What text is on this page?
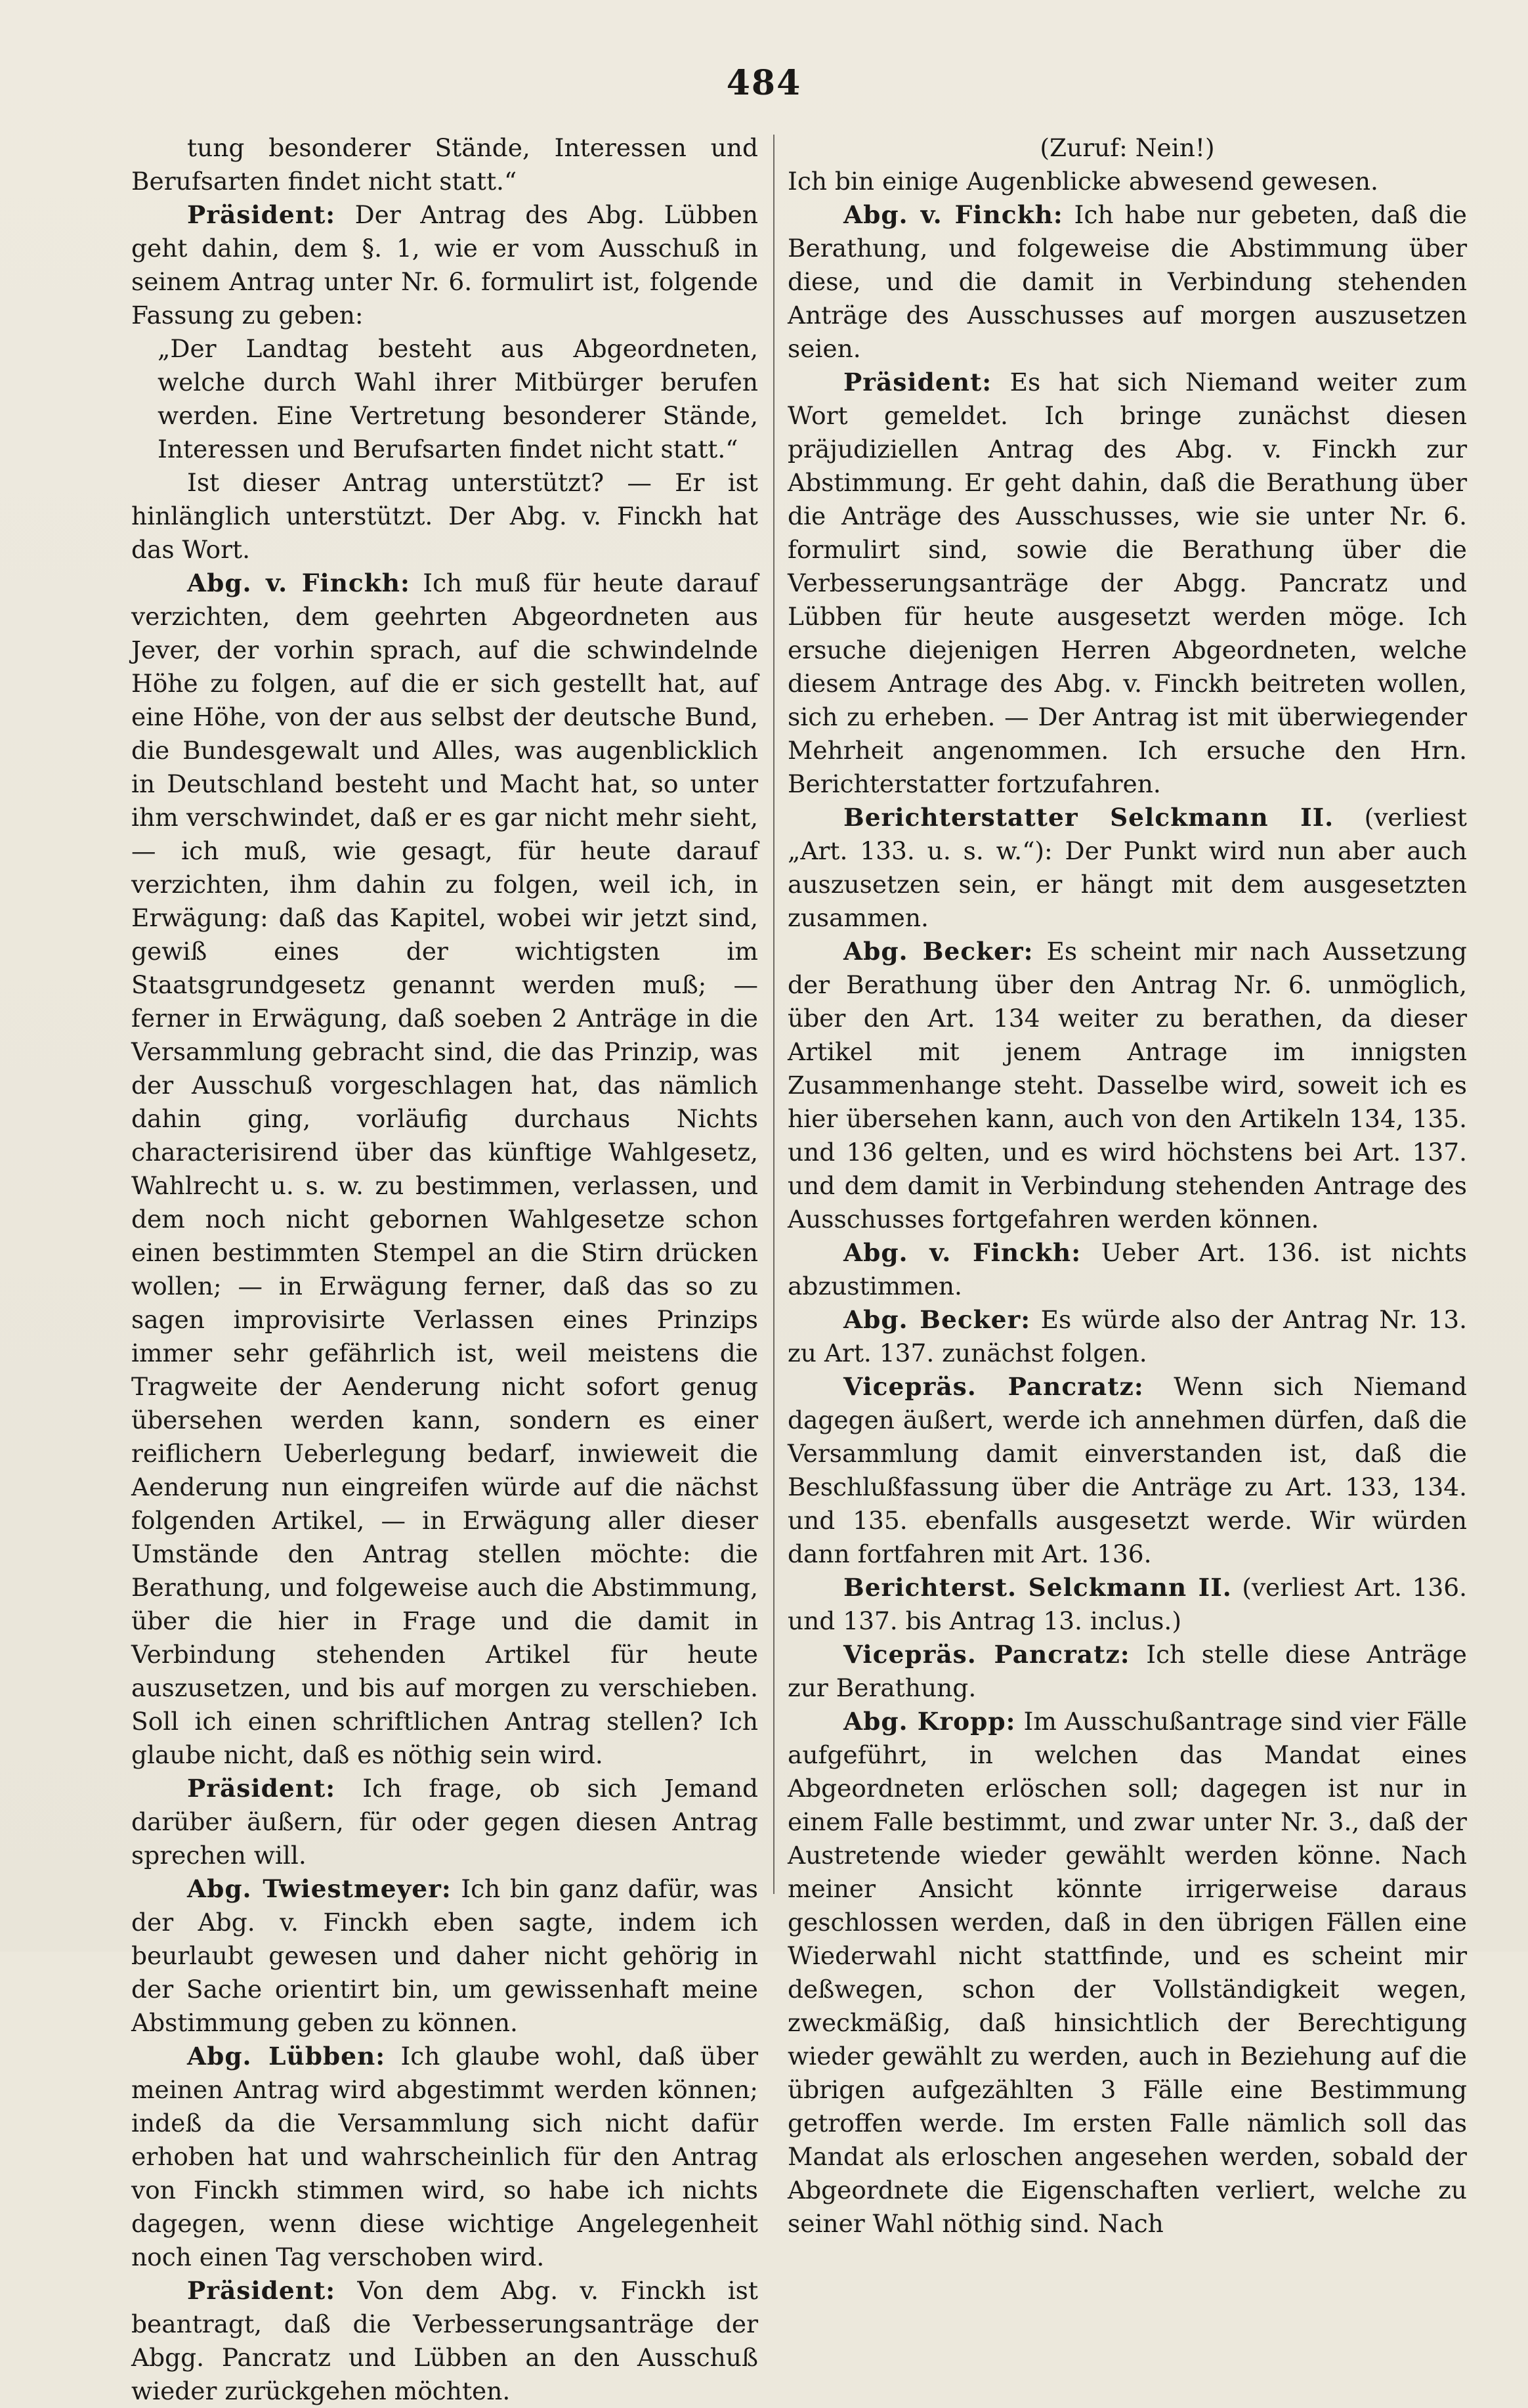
484

tung besonderer Stände, Interessen und Berufsarten findet nicht statt.“

Präsident: Der Antrag des Abg. Lübben geht dahin, dem §. 1, wie er vom Ausschuß in seinem Antrag unter Nr. 6. formulirt ist, folgende Fassung zu geben:

„Der Landtag besteht aus Abgeordneten, welche durch Wahl ihrer Mitbürger berufen werden. Eine Vertretung besonderer Stände, Interessen und Berufsarten findet nicht statt.“

Ist dieser Antrag unterstützt? — Er ist hinlänglich unterstützt. Der Abg. v. Finckh hat das Wort.

Abg. v. Finckh: Ich muß für heute darauf verzichten, dem geehrten Abgeordneten aus Jever, der vorhin sprach, auf die schwindelnde Höhe zu folgen, auf die er sich gestellt hat, auf eine Höhe, von der aus selbst der deutsche Bund, die Bundesgewalt und Alles, was augenblicklich in Deutschland besteht und Macht hat, so unter ihm verschwindet, daß er es gar nicht mehr sieht, — ich muß, wie gesagt, für heute darauf verzichten, ihm dahin zu folgen, weil ich, in Erwägung: daß das Kapitel, wobei wir jetzt sind, gewiß eines der wichtigsten im Staatsgrundgesetz genannt werden muß; — ferner in Erwägung, daß soeben 2 Anträge in die Versammlung gebracht sind, die das Prinzip, was der Ausschuß vorgeschlagen hat, das nämlich dahin ging, vorläufig durchaus Nichts characterisirend über das künftige Wahlgesetz, Wahlrecht u. s. w. zu bestimmen, verlassen, und dem noch nicht gebornen Wahlgesetze schon einen bestimmten Stempel an die Stirn drücken wollen; — in Erwägung ferner, daß das so zu sagen improvisirte Verlassen eines Prinzips immer sehr gefährlich ist, weil meistens die Tragweite der Aenderung nicht sofort genug übersehen werden kann, sondern es einer reiflichern Ueberlegung bedarf, inwieweit die Aenderung nun eingreifen würde auf die nächst folgenden Artikel, — in Erwägung aller dieser Umstände den Antrag stellen möchte: die Berathung, und folgeweise auch die Abstimmung, über die hier in Frage und die damit in Verbindung stehenden Artikel für heute auszusetzen, und bis auf morgen zu verschieben. Soll ich einen schriftlichen Antrag stellen? Ich glaube nicht, daß es nöthig sein wird.

Präsident: Ich frage, ob sich Jemand darüber äußern, für oder gegen diesen Antrag sprechen will.

Abg. Twiestmeyer: Ich bin ganz dafür, was der Abg. v. Finckh eben sagte, indem ich beurlaubt gewesen und daher nicht gehörig in der Sache orientirt bin, um gewissenhaft meine Abstimmung geben zu können.

Abg. Lübben: Ich glaube wohl, daß über meinen Antrag wird abgestimmt werden können; indeß da die Versammlung sich nicht dafür erhoben hat und wahrscheinlich für den Antrag von Finckh stimmen wird, so habe ich nichts dagegen, wenn diese wichtige Angelegenheit noch einen Tag verschoben wird.

Präsident: Von dem Abg. v. Finckh ist beantragt, daß die Verbesserungsanträge der Abgg. Pancratz und Lübben an den Ausschuß wieder zurückgehen möchten.

(Zuruf: Nein!)

Ich bin einige Augenblicke abwesend gewesen.

Abg. v. Finckh: Ich habe nur gebeten, daß die Berathung, und folgeweise die Abstimmung über diese, und die damit in Verbindung stehenden Anträge des Ausschusses auf morgen auszusetzen seien.

Präsident: Es hat sich Niemand weiter zum Wort gemeldet. Ich bringe zunächst diesen präjudiziellen Antrag des Abg. v. Finckh zur Abstimmung. Er geht dahin, daß die Berathung über die Anträge des Ausschusses, wie sie unter Nr. 6. formulirt sind, sowie die Berathung über die Verbesserungsanträge der Abgg. Pancratz und Lübben für heute ausgesetzt werden möge. Ich ersuche diejenigen Herren Abgeordneten, welche diesem Antrage des Abg. v. Finckh beitreten wollen, sich zu erheben. — Der Antrag ist mit überwiegender Mehrheit angenommen. Ich ersuche den Hrn. Berichterstatter fortzufahren.

Berichterstatter Selckmann II. (verliest „Art. 133. u. s. w.“): Der Punkt wird nun aber auch auszusetzen sein, er hängt mit dem ausgesetzten zusammen.

Abg. Becker: Es scheint mir nach Aussetzung der Berathung über den Antrag Nr. 6. unmöglich, über den Art. 134 weiter zu berathen, da dieser Artikel mit jenem Antrage im innigsten Zusammenhange steht. Dasselbe wird, soweit ich es hier übersehen kann, auch von den Artikeln 134, 135. und 136 gelten, und es wird höchstens bei Art. 137. und dem damit in Verbindung stehenden Antrage des Ausschusses fortgefahren werden können.

Abg. v. Finckh: Ueber Art. 136. ist nichts abzustimmen.

Abg. Becker: Es würde also der Antrag Nr. 13. zu Art. 137. zunächst folgen.

Vicepräs. Pancratz: Wenn sich Niemand dagegen äußert, werde ich annehmen dürfen, daß die Versammlung damit einverstanden ist, daß die Beschlußfassung über die Anträge zu Art. 133, 134. und 135. ebenfalls ausgesetzt werde. Wir würden dann fortfahren mit Art. 136.

Berichterst. Selckmann II. (verliest Art. 136. und 137. bis Antrag 13. inclus.)

Vicepräs. Pancratz: Ich stelle diese Anträge zur Berathung.

Abg. Kropp: Im Ausschußantrage sind vier Fälle aufgeführt, in welchen das Mandat eines Abgeordneten erlöschen soll; dagegen ist nur in einem Falle bestimmt, und zwar unter Nr. 3., daß der Austretende wieder gewählt werden könne. Nach meiner Ansicht könnte irrigerweise daraus geschlossen werden, daß in den übrigen Fällen eine Wiederwahl nicht stattfinde, und es scheint mir deßwegen, schon der Vollständigkeit wegen, zweckmäßig, daß hinsichtlich der Berechtigung wieder gewählt zu werden, auch in Beziehung auf die übrigen aufgezählten 3 Fälle eine Bestimmung getroffen werde. Im ersten Falle nämlich soll das Mandat als erloschen angesehen werden, sobald der Abgeordnete die Eigenschaften verliert, welche zu seiner Wahl nöthig sind. Nach
